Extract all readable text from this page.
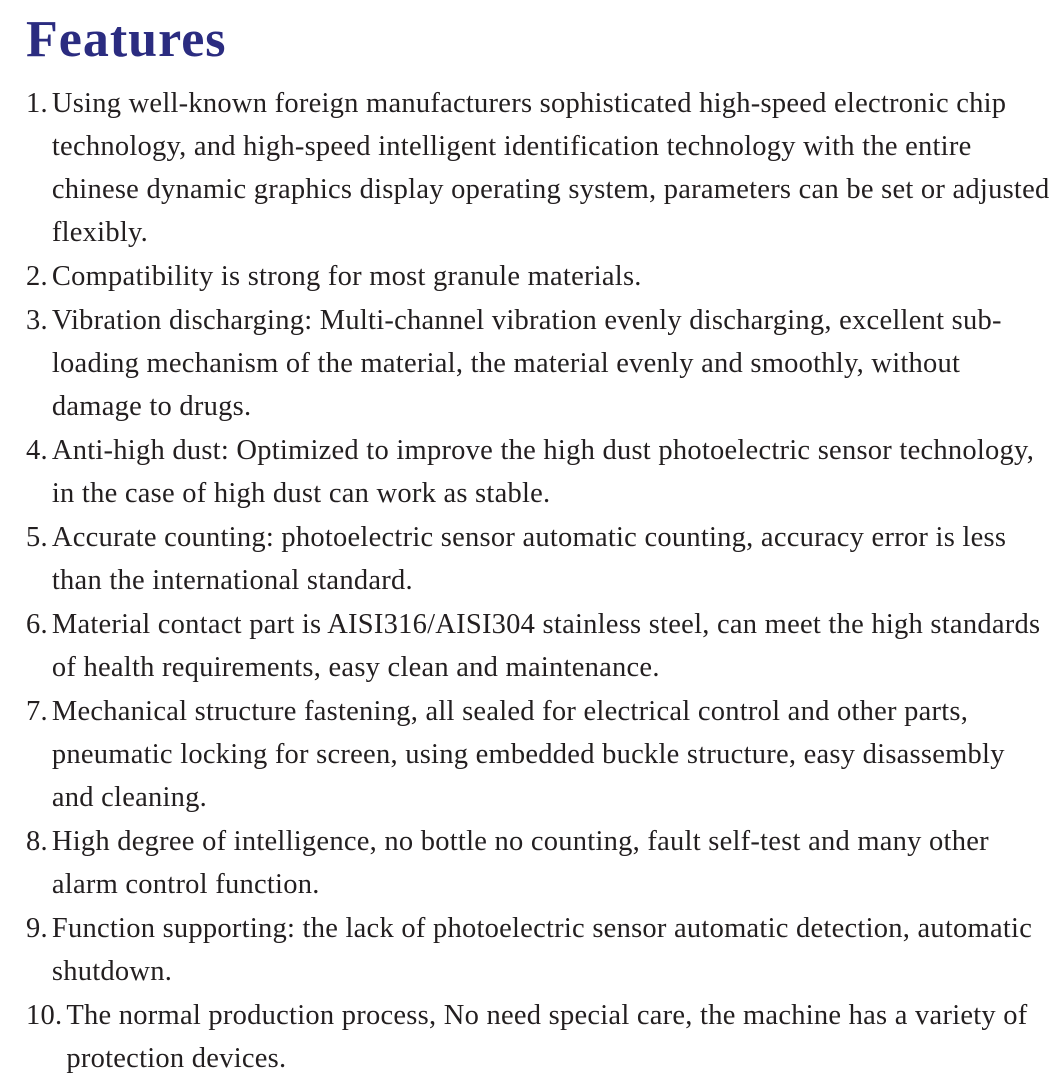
Features
1. Using well-known foreign manufacturers sophisticated high-speed electronic chip technology, and high-speed intelligent identification technology with the entire chinese dynamic graphics display operating system, parameters can be set or adjusted flexibly.
2. Compatibility is strong for most granule materials.
3. Vibration discharging: Multi-channel vibration evenly discharging, excellent sub-loading mechanism of the material, the material evenly and smoothly, without damage to drugs.
4. Anti-high dust: Optimized to improve the high dust photoelectric sensor technology, in the case of high dust can work as stable.
5. Accurate counting: photoelectric sensor automatic counting, accuracy error is less than the international standard.
6. Material contact part is AISI316/AISI304 stainless steel, can meet the high standards of health requirements, easy clean and maintenance.
7. Mechanical structure fastening, all sealed for electrical control and other parts, pneumatic locking for screen, using embedded buckle structure, easy disassembly and cleaning.
8. High degree of intelligence, no bottle no counting, fault self-test and many other alarm control function.
9. Function supporting: the lack of photoelectric sensor automatic detection, automatic shutdown.
10. The normal production process, No need special care, the machine has a variety of protection devices.
